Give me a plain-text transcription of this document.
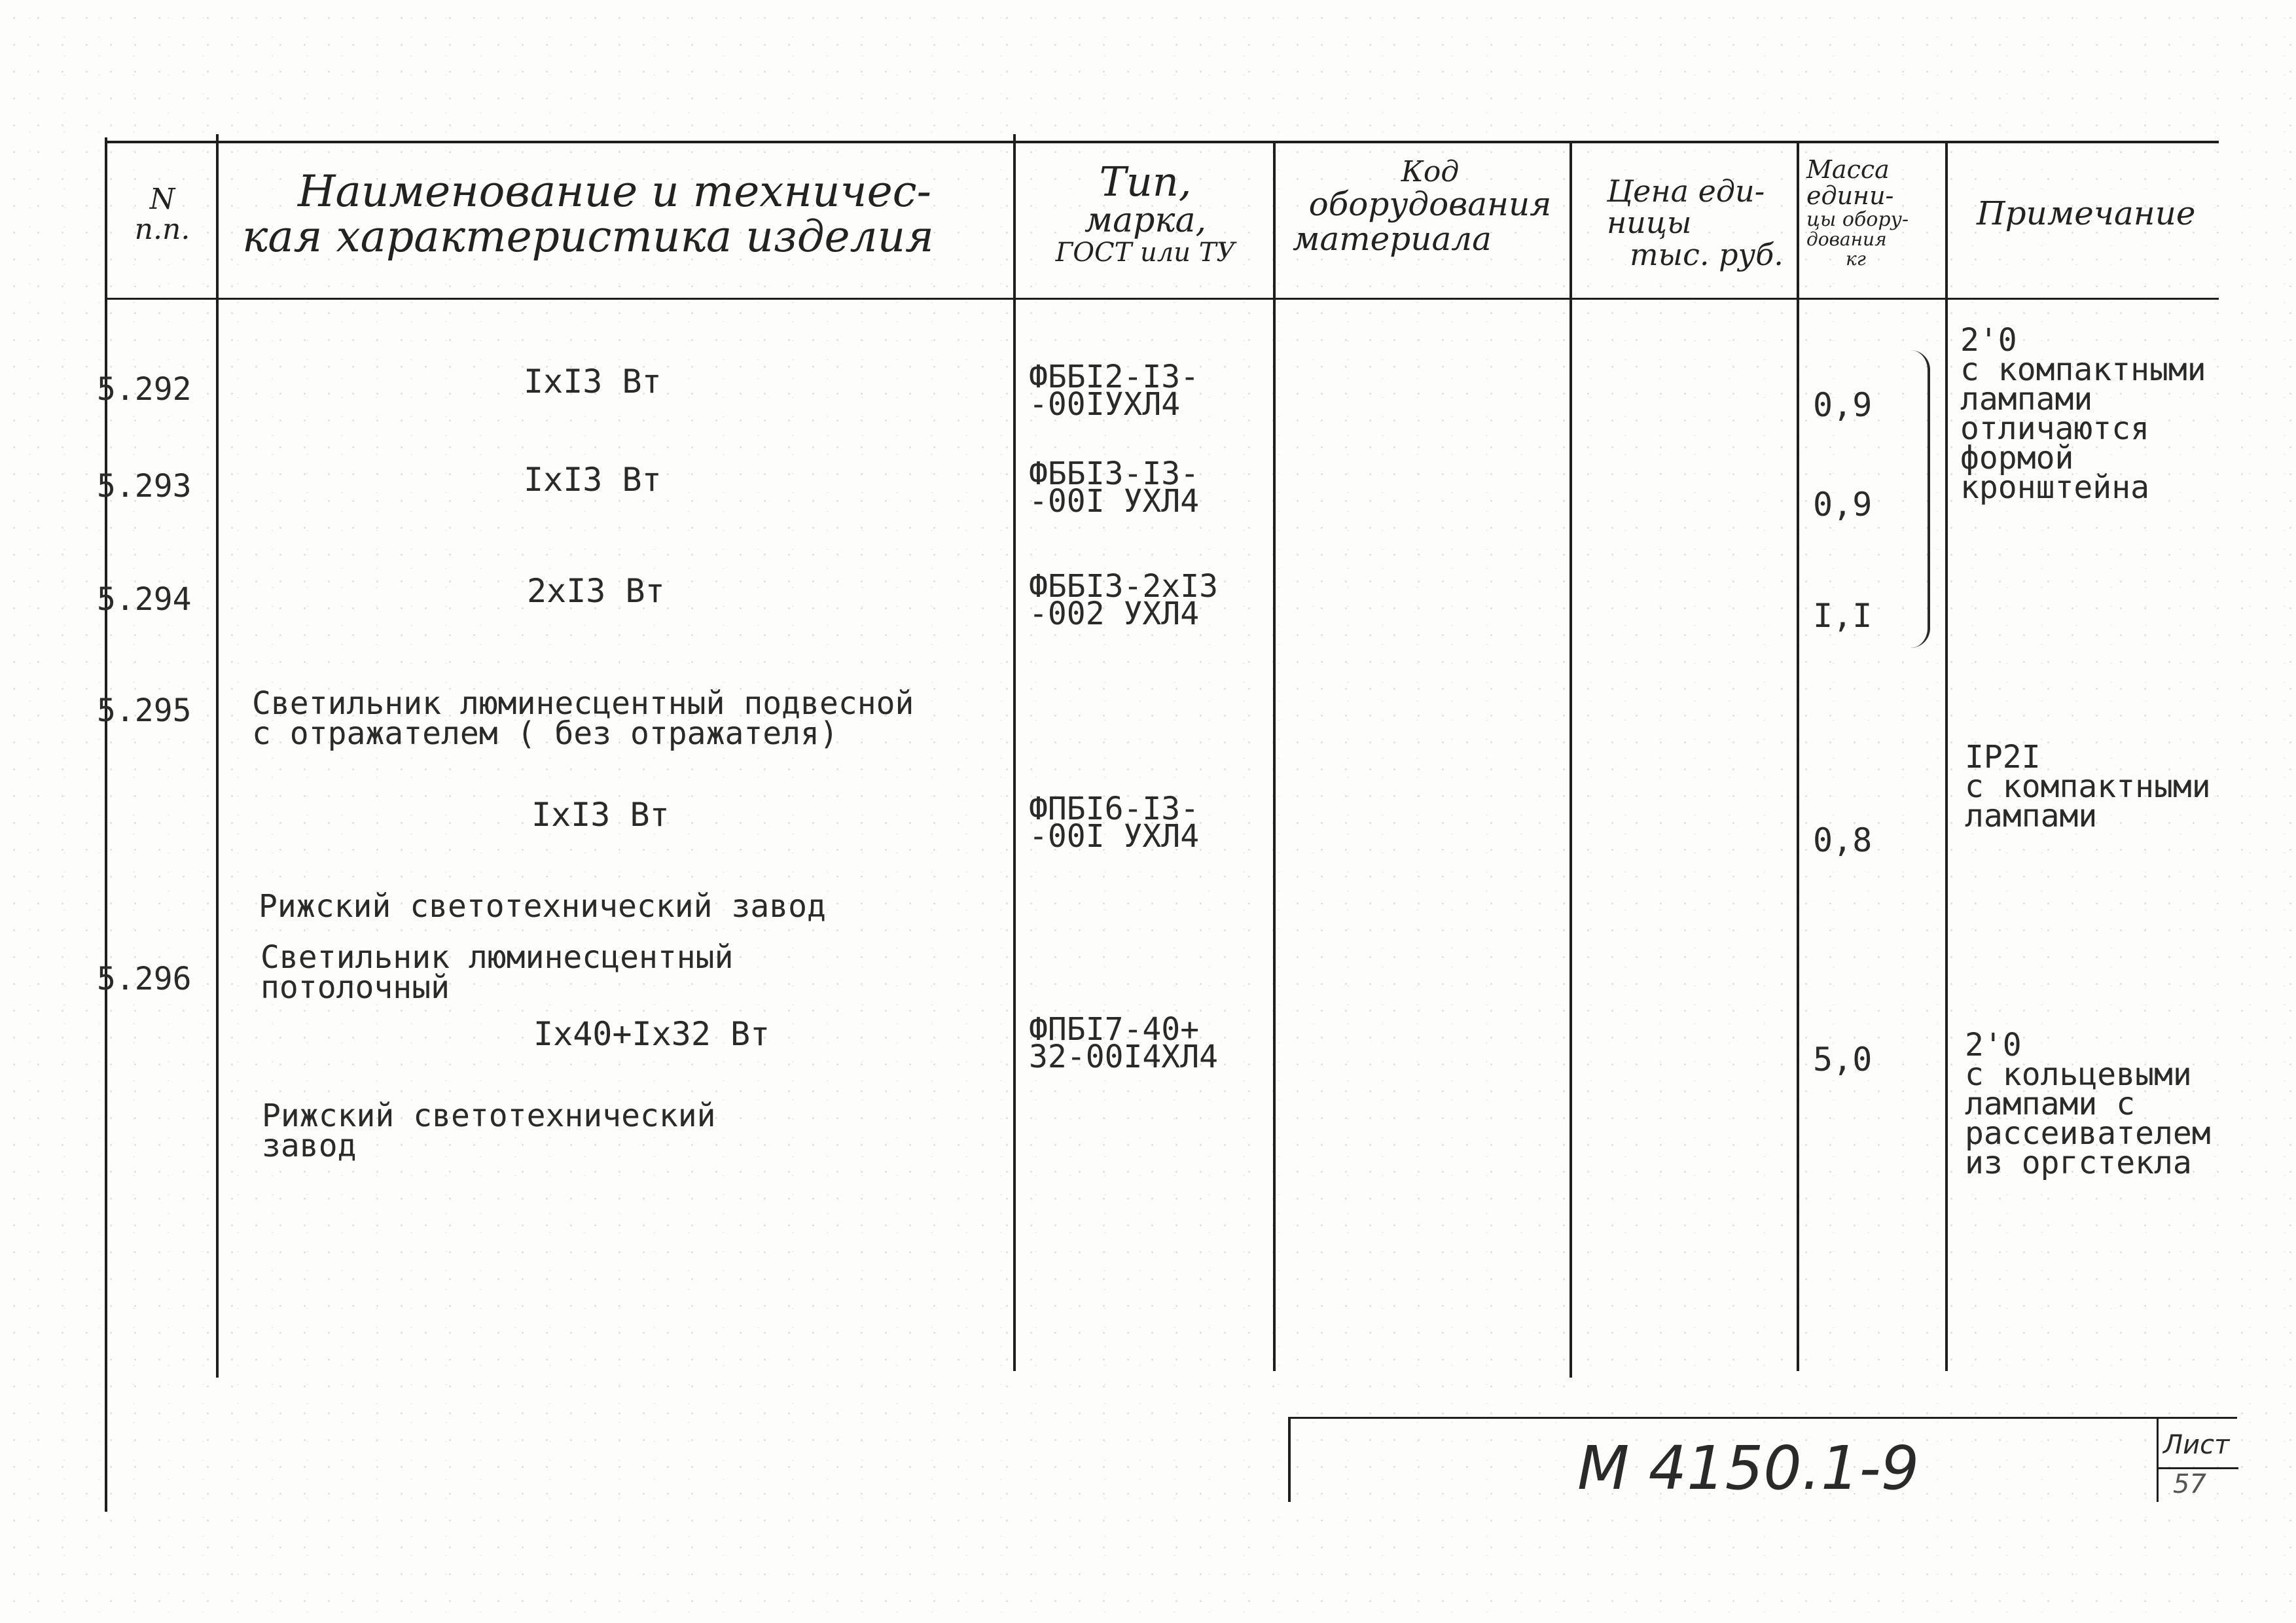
N
п.п.
Наименование и техничес-
кая характеристика изделия
Тип,
марка,
ГОСТ или ТУ
Код
оборудования
материала
Цена еди-
ницы
тыс. руб.
Масса
едини-
цы обору-
дования
кг
Примечание
5.292
5.293
5.294
5.295
5.296
IxI3 Вт
IxI3 Вт
2xI3 Вт
Светильник люминесцентный подвесной
с отражателем ( без отражателя)
IxI3 Вт
Рижский светотехнический завод
Светильник люминесцентный
потолочный
Ix40+Ix32 Вт
Рижский светотехнический
завод
ФББI2-I3-
-00IУХЛ4
ФББI3-I3-
-00I УХЛ4
ФББI3-2xI3
-002 УХЛ4
ФПБI6-I3-
-00I УХЛ4
ФПБI7-40+
32-00I4ХЛ4
0,9
0,9
I,I
0,8
5,0
2'0
с компактными
лампами
отличаются
формой
кронштейна
IP2I
с компактными
лампами
2'0
с кольцевыми
лампами с
рассеивателем
из оргстекла
М 4150.1-9	Лист
57
